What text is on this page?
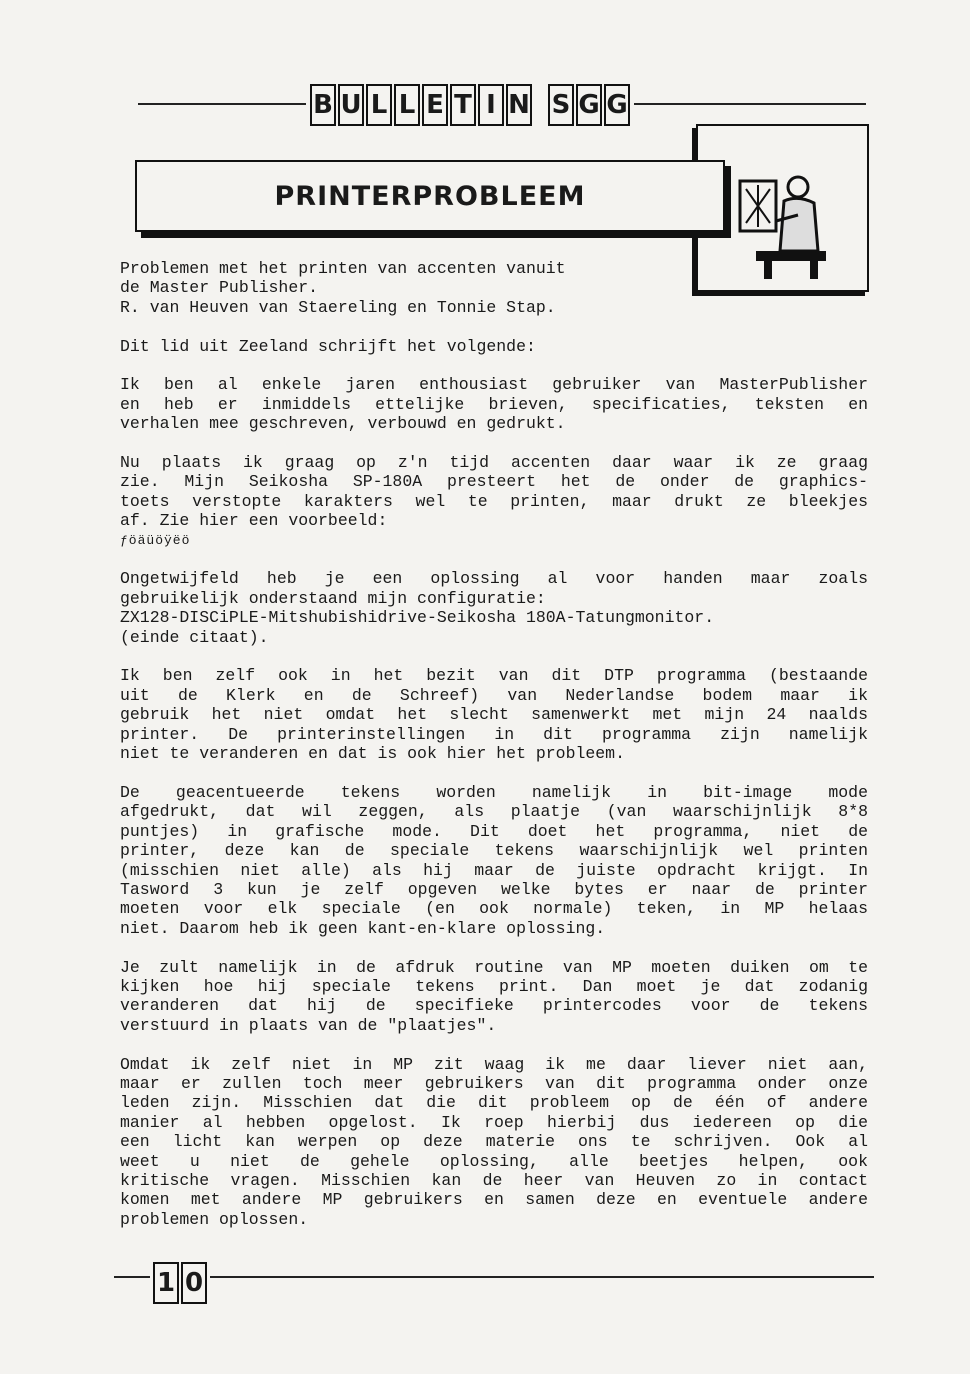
B U L L E T I N S G G
PRINTERPROBLEEM

Problemen met het printen van accenten vanuit
de Master Publisher.
R. van Heuven van Staereling en Tonnie Stap.

Dit lid uit Zeeland schrijft het volgende:

Ik ben al enkele jaren enthousiast gebruiker van MasterPublisher
en heb er inmiddels ettelijke brieven, specificaties, teksten en
verhalen mee geschreven, verbouwd en gedrukt.

Nu plaats ik graag op z'n tijd accenten daar waar ik ze graag
zie. Mijn Seikosha SP-180A presteert het de onder de graphics-
toets verstopte karakters wel te printen, maar drukt ze bleekjes
af. Zie hier een voorbeeld:
ƒöäüöÿëö

Ongetwijfeld heb je een oplossing al voor handen maar zoals
gebruikelijk onderstaand mijn configuratie:
ZX128-DISCiPLE-Mitshubishidrive-Seikosha 180A-Tatungmonitor.
(einde citaat).

Ik ben zelf ook in het bezit van dit DTP programma (bestaande
uit de Klerk en de Schreef) van Nederlandse bodem maar ik
gebruik het niet omdat het slecht samenwerkt met mijn 24 naalds
printer. De printerinstellingen in dit programma zijn namelijk
niet te veranderen en dat is ook hier het probleem.

De geacentueerde tekens worden namelijk in bit-image mode
afgedrukt, dat wil zeggen, als plaatje (van waarschijnlijk 8*8
puntjes) in grafische mode. Dit doet het programma, niet de
printer, deze kan de speciale tekens waarschijnlijk wel printen
(misschien niet alle) als hij maar de juiste opdracht krijgt. In
Tasword 3 kun je zelf opgeven welke bytes er naar de printer
moeten voor elk speciale (en ook normale) teken, in MP helaas
niet. Daarom heb ik geen kant-en-klare oplossing.

Je zult namelijk in de afdruk routine van MP moeten duiken om te
kijken hoe hij speciale tekens print. Dan moet je dat zodanig
veranderen dat hij de specifieke printercodes voor de tekens
verstuurd in plaats van de "plaatjes".

Omdat ik zelf niet in MP zit waag ik me daar liever niet aan,
maar er zullen toch meer gebruikers van dit programma onder onze
leden zijn. Misschien dat die dit probleem op de één of andere
manier al hebben opgelost. Ik roep hierbij dus iedereen op die
een licht kan werpen op deze materie ons te schrijven. Ook al
weet u niet de gehele oplossing, alle beetjes helpen, ook
kritische vragen. Misschien kan de heer van Heuven zo in contact
komen met andere MP gebruikers en samen deze en eventuele andere
problemen oplossen.

1 0
